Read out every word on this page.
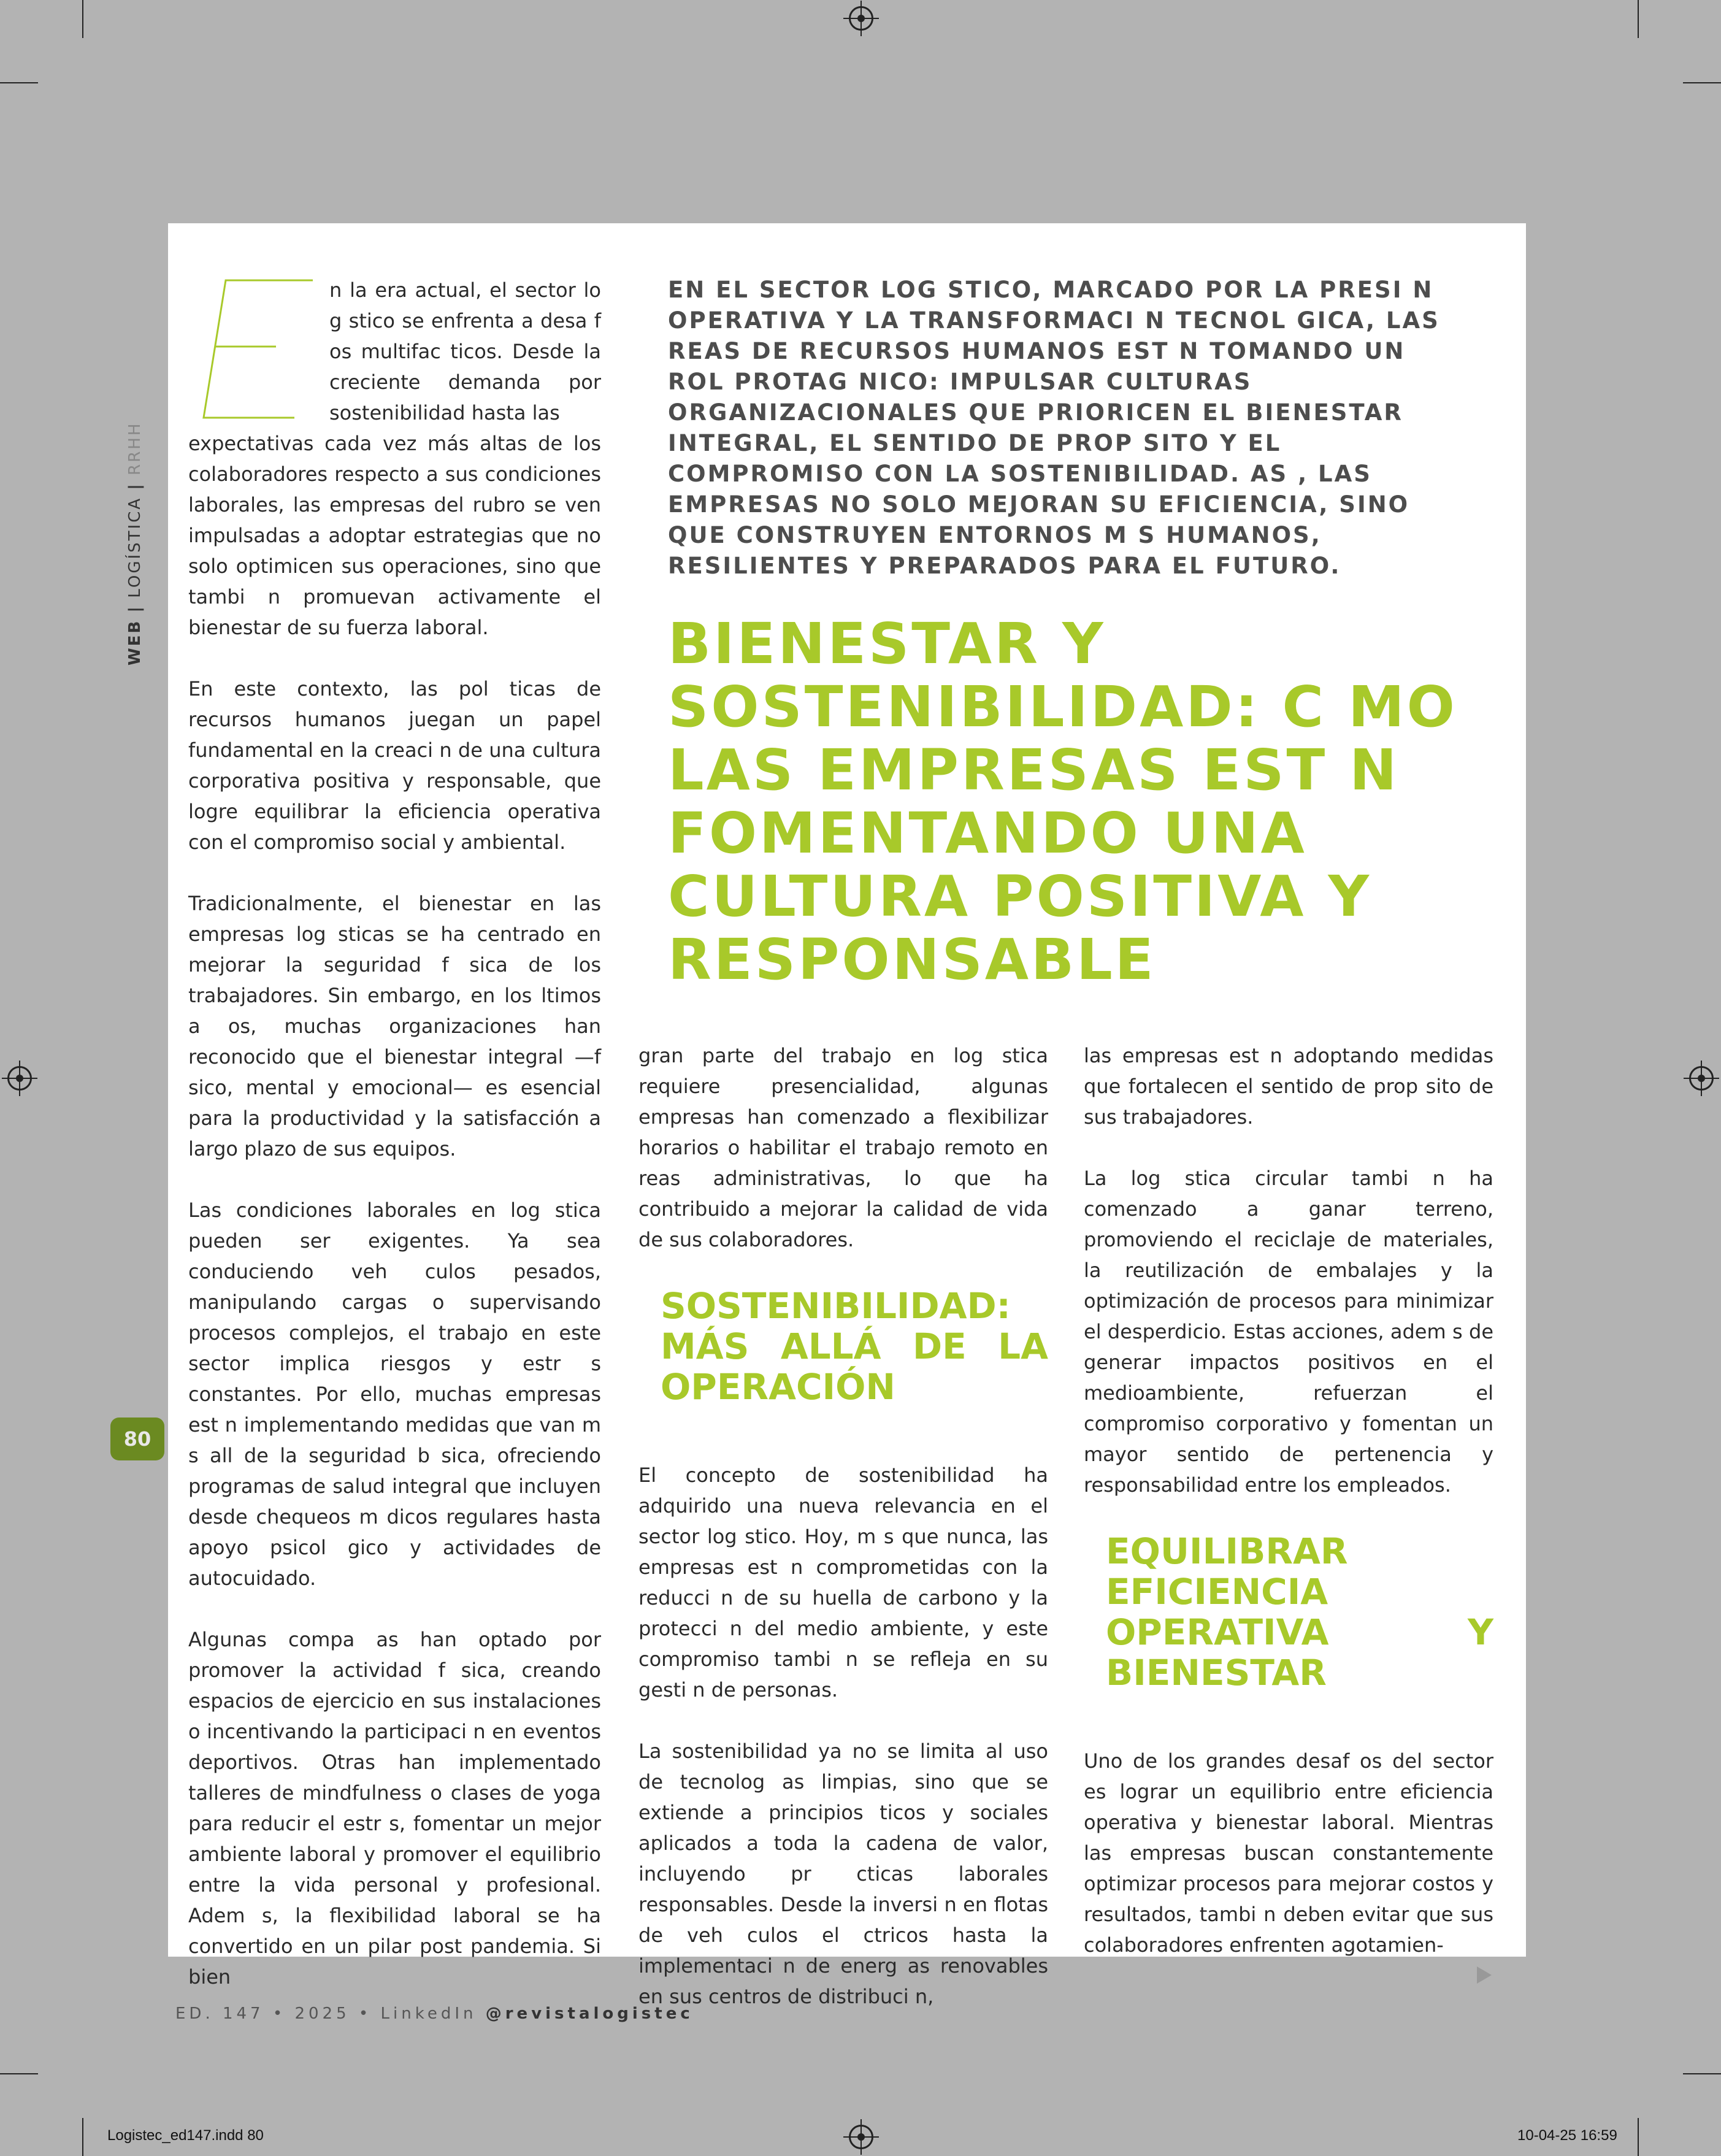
WEB | LOGÍSTICA | RRHH
80

n la era actual, el sector lo g stico se enfrenta a desa f os multifac ticos. Desde la creciente demanda por sostenibilidad hasta las
expectativas cada vez más altas de los colaboradores respecto a sus condiciones laborales, las empresas del rubro se ven impulsadas a adoptar estrategias que no solo optimicen sus operaciones, sino que tambi n promuevan activamente el bienestar de su fuerza laboral.

En este contexto, las pol ticas de recursos humanos juegan un papel fundamental en la creaci n de una cultura corporativa positiva y responsable, que logre equilibrar la eficiencia operativa con el compromiso social y ambiental.

Tradicionalmente, el bienestar en las empresas log sticas se ha centrado en mejorar la seguridad f sica de los trabajadores. Sin embargo, en los ltimos a os, muchas organizaciones han reconocido que el bienestar integral —f sico, mental y emocional— es esencial para la productividad y la satisfacción a largo plazo de sus equipos.

Las condiciones laborales en log stica pueden ser exigentes. Ya sea conduciendo veh culos pesados, manipulando cargas o supervisando procesos complejos, el trabajo en este sector implica riesgos y estr s constantes. Por ello, muchas empresas est n implementando medidas que van m s all de la seguridad b sica, ofreciendo programas de salud integral que incluyen desde chequeos m dicos regulares hasta apoyo psicol gico y actividades de autocuidado.

Algunas compa as han optado por promover la actividad f sica, creando espacios de ejercicio en sus instalaciones o incentivando la participaci n en eventos deportivos. Otras han implementado talleres de mindfulness o clases de yoga para reducir el estr s, fomentar un mejor ambiente laboral y promover el equilibrio entre la vida personal y profesional. Adem s, la flexibilidad laboral se ha convertido en un pilar post pandemia. Si bien

EN EL SECTOR LOG STICO, MARCADO POR LA PRESI N OPERATIVA Y LA TRANSFORMACI N TECNOL GICA, LAS REAS DE RECURSOS HUMANOS EST N TOMANDO UN ROL PROTAG NICO: IMPULSAR CULTURAS ORGANIZACIONALES QUE PRIORICEN EL BIENESTAR INTEGRAL, EL SENTIDO DE PROP SITO Y EL COMPROMISO CON LA SOSTENIBILIDAD. AS , LAS EMPRESAS NO SOLO MEJORAN SU EFICIENCIA, SINO QUE CONSTRUYEN ENTORNOS M S HUMANOS, RESILIENTES Y PREPARADOS PARA EL FUTURO.

BIENESTAR Y SOSTENIBILIDAD: C MO LAS EMPRESAS EST N FOMENTANDO UNA CULTURA POSITIVA Y RESPONSABLE

gran parte del trabajo en log stica requiere presencialidad, algunas empresas han comenzado a flexibilizar horarios o habilitar el trabajo remoto en reas administrativas, lo que ha contribuido a mejorar la calidad de vida de sus colaboradores.

SOSTENIBILIDAD: MÁS ALLÁ DE LA OPERACIÓN

El concepto de sostenibilidad ha adquirido una nueva relevancia en el sector log stico. Hoy, m s que nunca, las empresas est n comprometidas con la reducci n de su huella de carbono y la protecci n del medio ambiente, y este compromiso tambi n se refleja en su gesti n de personas.

La sostenibilidad ya no se limita al uso de tecnolog as limpias, sino que se extiende a principios ticos y sociales aplicados a toda la cadena de valor, incluyendo pr cticas laborales responsables. Desde la inversi n en flotas de veh culos el ctricos hasta la implementaci n de energ as renovables en sus centros de distribuci n,

las empresas est n adoptando medidas que fortalecen el sentido de prop sito de sus trabajadores.

La log stica circular tambi n ha comenzado a ganar terreno, promoviendo el reciclaje de materiales, la reutilización de embalajes y la optimización de procesos para minimizar el desperdicio. Estas acciones, adem s de generar impactos positivos en el medioambiente, refuerzan el compromiso corporativo y fomentan un mayor sentido de pertenencia y responsabilidad entre los empleados.

EQUILIBRAR EFICIENCIA OPERATIVA Y BIENESTAR

Uno de los grandes desaf os del sector es lograr un equilibrio entre eficiencia operativa y bienestar laboral. Mientras las empresas buscan constantemente optimizar procesos para mejorar costos y resultados, tambi n deben evitar que sus colaboradores enfrenten agotamien-

ED. 147 • 2025 • LinkedIn @revistalogistec
Logistec_ed147.indd 80	10-04-25 16:59
